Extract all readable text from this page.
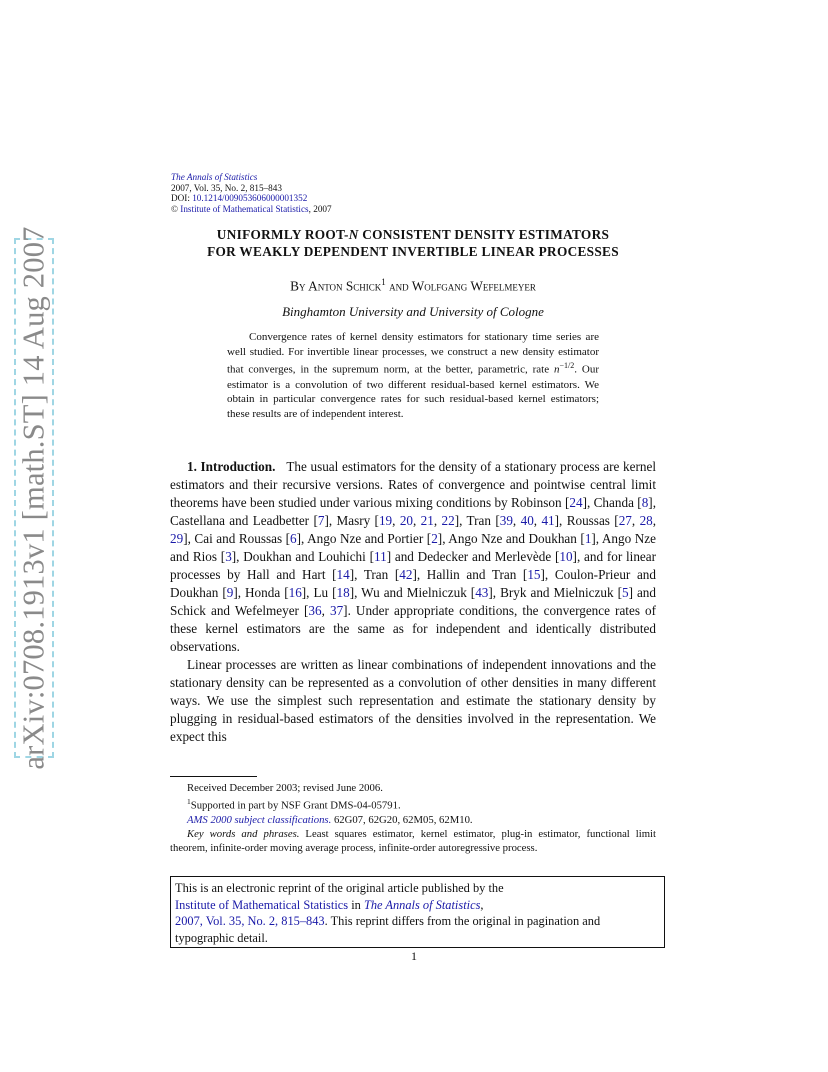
arXiv:0708.1913v1 [math.ST] 14 Aug 2007
The Annals of Statistics
2007, Vol. 35, No. 2, 815–843
DOI: 10.1214/009053606000001352
© Institute of Mathematical Statistics, 2007
UNIFORMLY ROOT-N CONSISTENT DENSITY ESTIMATORS
FOR WEAKLY DEPENDENT INVERTIBLE LINEAR PROCESSES
By Anton Schick$^1$ and Wolfgang Wefelmeyer
Binghamton University and University of Cologne
Convergence rates of kernel density estimators for stationary time series are well studied. For invertible linear processes, we construct a new density estimator that converges, in the supremum norm, at the better, parametric, rate $n^{-1/2}$. Our estimator is a convolution of two different residual-based kernel estimators. We obtain in particular convergence rates for such residual-based kernel estimators; these results are of independent interest.

1. Introduction. The usual estimators for the density of a stationary process are kernel estimators and their recursive versions. Rates of convergence and pointwise central limit theorems have been studied under various mixing conditions by Robinson [24], Chanda [8], Castellana and Leadbetter [7], Masry [19, 20, 21, 22], Tran [39, 40, 41], Roussas [27, 28, 29], Cai and Roussas [6], Ango Nze and Portier [2], Ango Nze and Doukhan [1], Ango Nze and Rios [3], Doukhan and Louhichi [11] and Dedecker and Merlevède [10], and for linear processes by Hall and Hart [14], Tran [42], Hallin and Tran [15], Coulon-Prieur and Doukhan [9], Honda [16], Lu [18], Wu and Mielniczuk [43], Bryk and Mielniczuk [5] and Schick and Wefelmeyer [36, 37]. Under appropriate conditions, the convergence rates of these kernel estimators are the same as for independent and identically distributed observations.

Linear processes are written as linear combinations of independent innovations and the stationary density can be represented as a convolution of other densities in many different ways. We use the simplest such representation and estimate the stationary density by plugging in residual-based estimators of the densities involved in the representation. We expect this

Received December 2003; revised June 2006.

$^1$Supported in part by NSF Grant DMS-04-05791.

AMS 2000 subject classifications. 62G07, 62G20, 62M05, 62M10.

Key words and phrases. Least squares estimator, kernel estimator, plug-in estimator, functional limit theorem, infinite-order moving average process, infinite-order autoregressive process.

This is an electronic reprint of the original article published by the
Institute of Mathematical Statistics in The Annals of Statistics,
2007, Vol. 35, No. 2, 815–843. This reprint differs from the original in pagination and typographic detail.
1
